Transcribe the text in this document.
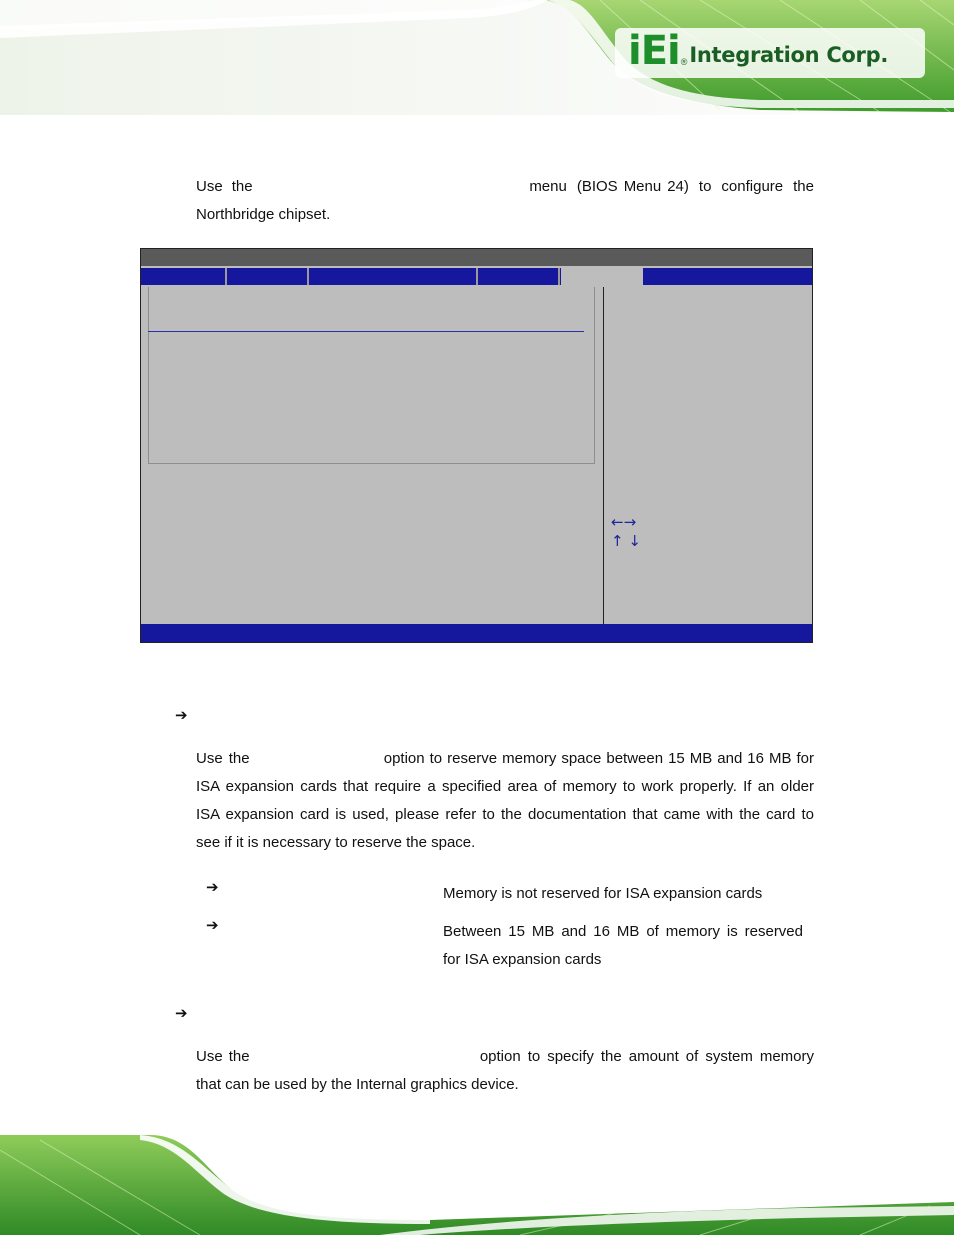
iEi ® Integration Corp.
Use the	menu (BIOS Menu 24) to configure the
Northbridge chipset.
←→
↑ ↓
➔
Use the	option to reserve memory space between 15 MB and 16 MB for
ISA expansion cards that require a specified area of memory to work properly. If an older
ISA expansion card is used, please refer to the documentation that came with the card to
see if it is necessary to reserve the space.
➔	Memory is not reserved for ISA expansion cards
➔	Between 15 MB and 16 MB of memory is reserved
for ISA expansion cards
➔
Use the	option to specify the amount of system memory
that can be used by the Internal graphics device.
